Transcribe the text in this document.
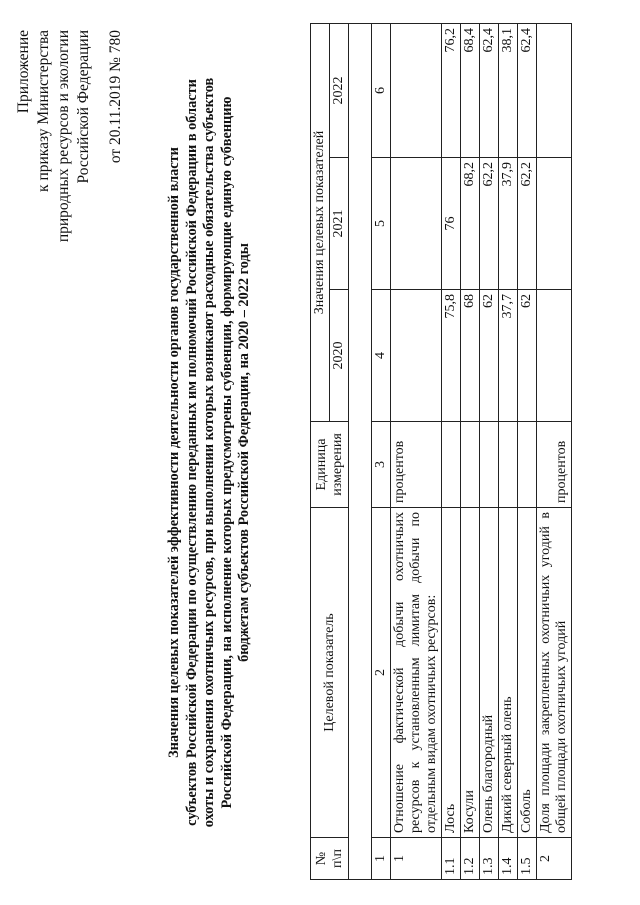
Приложение к приказу Министерства природных ресурсов и экологии Российской Федерации от 20.11.2019 № 780
Значения целевых показателей эффективности деятельности органов государственной власти субъектов Российской Федерации по осуществлению переданных им полномочий Российской Федерации в области охоты и сохранения охотничьих ресурсов, при выполнении которых возникают расходные обязательства субъектов Российской Федерации, на исполнение которых предусмотрены субвенции, формирующие единую субвенцию бюджетам субъектов Российской Федерации, на 2020 – 2022 годы
№ п\п	Целевой показатель	Единица измерения	Значения целевых показателей		
			2020	2021	2022

1	2	3	4	5	6
1	Отношение фактической добычи охотничьих ресурсов к установленным лимитам добычи по отдельным видам охотничьих ресурсов:	процентов			
1.1	Лось		75,8	76	76,2
1.2	Косули		68	68,2	68,4
1.3	Олень благородный		62	62,2	62,4
1.4	Дикий северный олень		37,7	37,9	38,1
1.5	Соболь		62	62,2	62,4
2	Доля площади закрепленных охотничьих угодий в общей площади охотничьих угодий	процентов			
